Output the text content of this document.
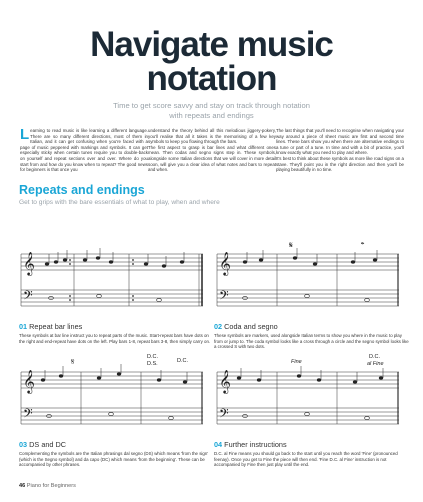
Navigate music
notation
Time to get score savvy and stay on track through notation with repeats and endings
Learning to read music is like learning a different language. There are so many different directions, most of them in Italian, and it can get confusing when you're faced with a page of music peppered with markings and symbols. It can get especially sticky when certain tunes require you to double-back on yourself and repeat sections over and over. Where do you start from and how do you know when to repeat? The good news for beginners is that once you
understand the theory behind all this melodious jiggery-pokery, you'll realise that all it takes is the memorising of a few key symbols to keep you flowing through the bars.
The first aspect to grasp is bar lines and what different ones mean. Then codas and segno signs step in. These symbols, alongside some Italian directions that we will cover in more detail soon, will give you a clear idea of what notes and bars to repeat and when.
The last things that you'll need to recognise when navigating your way around a piece of sheet music are first and second time lines. These bars show you when there are alternative endings to a tune or part of a tune. In time and with a bit of practice, you'll know exactly what you need to play and where.
It's best to think about these symbols as more like road signs on a stave. They'll point you in the right direction and then you'll be playing beautifully in no time.
Repeats and endings
Get to grips with the bare essentials of what to play, when and where
𝄞
𝄢
𝄞
𝄢
𝄋	𝄌
01 Repeat bar lines
These symbols at bar line instruct you to repeat parts of the music. Start-repeat bars have dots on the right and end-repeat have dots on the left. Play bars 1-8, repeat bars 3-8, then simply carry on.
02 Coda and segno
These symbols are markers, used alongside Italian terms to show you where in the music to play from or jump to. The coda symbol looks like a cross through a circle and the segno symbol looks like a crossed S with two dots.
𝄞
𝄢
𝄋	D.C.
D.S.	D.C.
𝄞
𝄢
Fine
D.C.
al Fine
03 DS and DC
Complementing the symbols are the Italian phrasings dal segno (DS) which means 'from the sign' (which is the Segno symbol) and da capo (DC) which means 'from the beginning'. These can be accompanied by other phrases.
04 Further instructions
D.C. al Fine means you should go back to the start until you reach the word 'Fine' (pronounced feenay). Once you get to Fine the piece will then end. 'Fine D.C. al Fine' instruction is not accompanied by Fine then just play until the end.
46 Piano for Beginners
